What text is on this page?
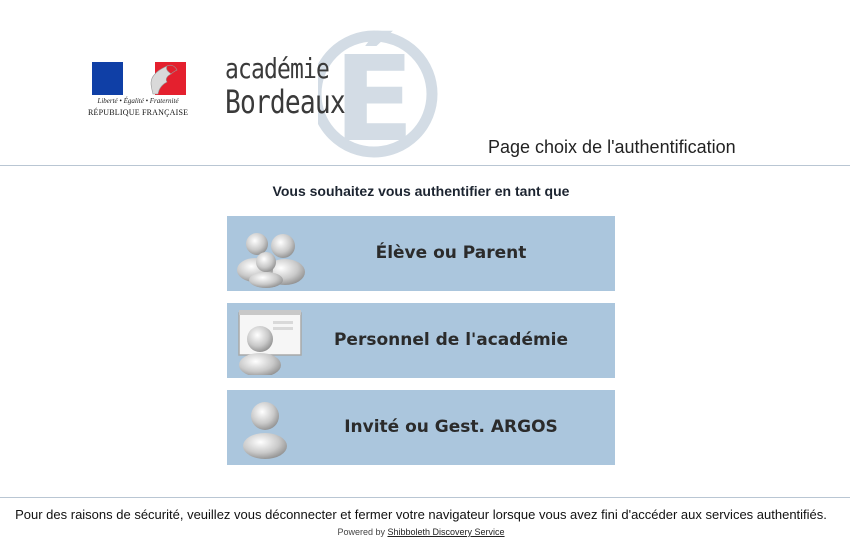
Liberté • Égalité • Fraternité
RÉPUBLIQUE FRANÇAISE É
académie
Bordeaux
Page choix de l'authentification
Vous souhaitez vous authentifier en tant que
Élève ou Parent
Personnel de l'académie
Invité ou Gest. ARGOS
Pour des raisons de sécurité, veuillez vous déconnecter et fermer votre navigateur lorsque vous avez fini d'accéder aux services authentifiés.
Powered by Shibboleth Discovery Service
